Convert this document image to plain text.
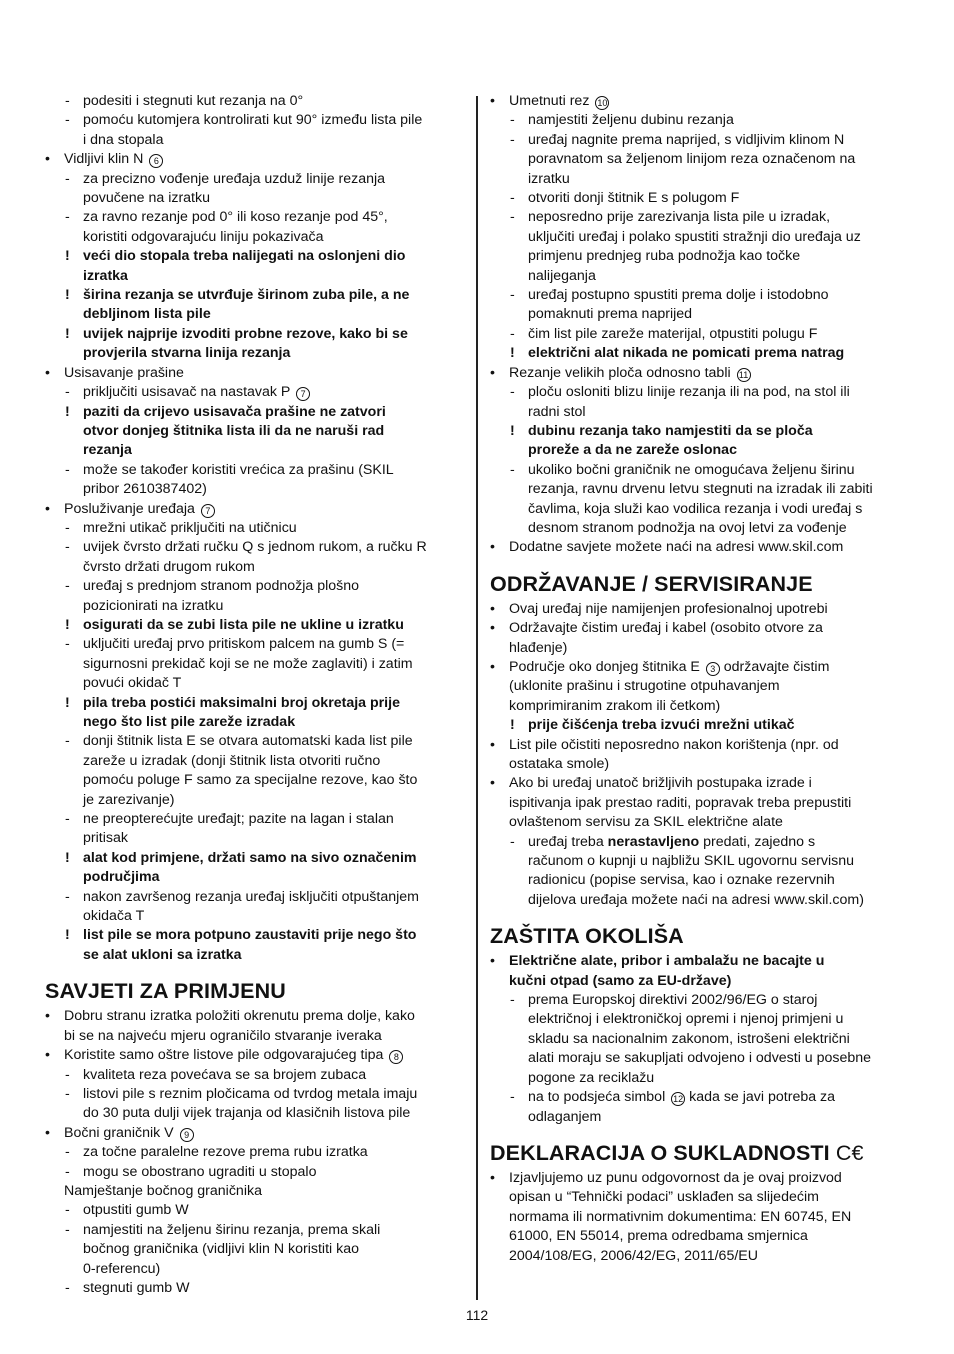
- podesiti i stegnuti kut rezanja na 0°
- pomoću kutomjera kontrolirati kut 90° između lista pile
i dna stopala
• Vidljivi klin N 6
- za precizno vođenje uređaja uzduž linije rezanja
povučene na izratku
- za ravno rezanje pod 0° ili koso rezanje pod 45°,
koristiti odgovarajuću liniju pokazivača
! veći dio stopala treba nalijegati na oslonjeni dio
izratka
! širina rezanja se utvrđuje širinom zuba pile, a ne
debljinom lista pile
! uvijek najprije izvoditi probne rezove, kako bi se
provjerila stvarna linija rezanja
• Usisavanje prašine
- priključiti usisavač na nastavak P 7
! paziti da crijevo usisavača prašine ne zatvori
otvor donjeg štitnika lista ili da ne naruši rad
rezanja
- može se također koristiti vrećica za prašinu (SKIL
pribor 2610387402)
• Posluživanje uređaja 7
- mrežni utikač priključiti na utičnicu
- uvijek čvrsto držati ručku Q s jednom rukom, a ručku R
čvrsto držati drugom rukom
- uređaj s prednjom stranom podnožja plošno
pozicionirati na izratku
! osigurati da se zubi lista pile ne ukline u izratku
- uključiti uređaj prvo pritiskom palcem na gumb S (=
sigurnosni prekidač koji se ne može zaglaviti) i zatim
povući okidač T
! pila treba postići maksimalni broj okretaja prije
nego što list pile zareže izradak
- donji štitnik lista E se otvara automatski kada list pile
zareže u izradak (donji štitnik lista otvoriti ručno
pomoću poluge F samo za specijalne rezove, kao što
je zarezivanje)
- ne preopterećujte uređajt; pazite na lagan i stalan
pritisak
! alat kod primjene, držati samo na sivo označenim
područjima
- nakon završenog rezanja uređaj isključiti otpuštanjem
okidača T
! list pile se mora potpuno zaustaviti prije nego što
se alat ukloni sa izratka
SAVJETI ZA PRIMJENU
• Dobru stranu izratka položiti okrenutu prema dolje, kako
bi se na najveću mjeru ograničilo stvaranje iveraka
• Koristite samo oštre listove pile odgovarajućeg tipa 8
- kvaliteta reza povećava se sa brojem zubaca
- listovi pile s reznim pločicama od tvrdog metala imaju
do 30 puta dulji vijek trajanja od klasičnih listova pile
• Bočni graničnik V 9
- za točne paralelne rezove prema rubu izratka
- mogu se obostrano ugraditi u stopalo
Namještanje bočnog graničnika
- otpustiti gumb W
- namjestiti na željenu širinu rezanja, prema skali
bočnog graničnika (vidljivi klin N koristiti kao
0-referencu)
- stegnuti gumb W
• Umetnuti rez 10
- namjestiti željenu dubinu rezanja
- uređaj nagnite prema naprijed, s vidljivim klinom N
poravnatom sa željenom linijom reza označenom na
izratku
- otvoriti donji štitnik E s polugom F
- neposredno prije zarezivanja lista pile u izradak,
uključiti uređaj i polako spustiti stražnji dio uređaja uz
primjenu prednjeg ruba podnožja kao točke
nalijeganja
- uređaj postupno spustiti prema dolje i istodobno
pomaknuti prema naprijed
- čim list pile zareže materijal, otpustiti polugu F
! električni alat nikada ne pomicati prema natrag
• Rezanje velikih ploča odnosno tabli 11
- ploču osloniti blizu linije rezanja ili na pod, na stol ili
radni stol
! dubinu rezanja tako namjestiti da se ploča
proreže a da ne zareže oslonac
- ukoliko bočni graničnik ne omogućava željenu širinu
rezanja, ravnu drvenu letvu stegnuti na izradak ili zabiti
čavlima, koja služi kao vodilica rezanja i vodi uređaj s
desnom stranom podnožja na ovoj letvi za vođenje
• Dodatne savjete možete naći na adresi www.skil.com
ODRŽAVANJE / SERVISIRANJE
• Ovaj uređaj nije namijenjen profesionalnoj upotrebi
• Održavajte čistim uređaj i kabel (osobito otvore za
hlađenje)
• Područje oko donjeg štitnika E 3 održavajte čistim
(uklonite prašinu i strugotine otpuhavanjem
komprimiranim zrakom ili četkom)
! prije čišćenja treba izvući mrežni utikač
• List pile očistiti neposredno nakon korištenja (npr. od
ostataka smole)
• Ako bi uređaj unatoč brižljivih postupaka izrade i
ispitivanja ipak prestao raditi, popravak treba prepustiti
ovlaštenom servisu za SKIL električne alate
- uređaj treba nerastavljeno predati, zajedno s
računom o kupnji u najbližu SKIL ugovornu servisnu
radionicu (popise servisa, kao i oznake rezervnih
dijelova uređaja možete naći na adresi www.skil.com)
ZAŠTITA OKOLIŠA
• Električne alate, pribor i ambalažu ne bacajte u
kučni otpad (samo za EU-države)
- prema Europskoj direktivi 2002/96/EG o staroj
električnoj i elektroničkoj opremi i njenoj primjeni u
skladu sa nacionalnim zakonom, istrošeni električni
alati moraju se sakupljati odvojeno i odvesti u posebne
pogone za reciklažu
- na to podsjeća simbol 12 kada se javi potreba za
odlaganjem
DEKLARACIJA O SUKLADNOSTI C€
• Izjavljujemo uz punu odgovornost da je ovaj proizvod
opisan u “Tehnički podaci” usklađen sa slijedećim
normama ili normativnim dokumentima: EN 60745, EN
61000, EN 55014, prema odredbama smjernica
2004/108/EG, 2006/42/EG, 2011/65/EU
112
